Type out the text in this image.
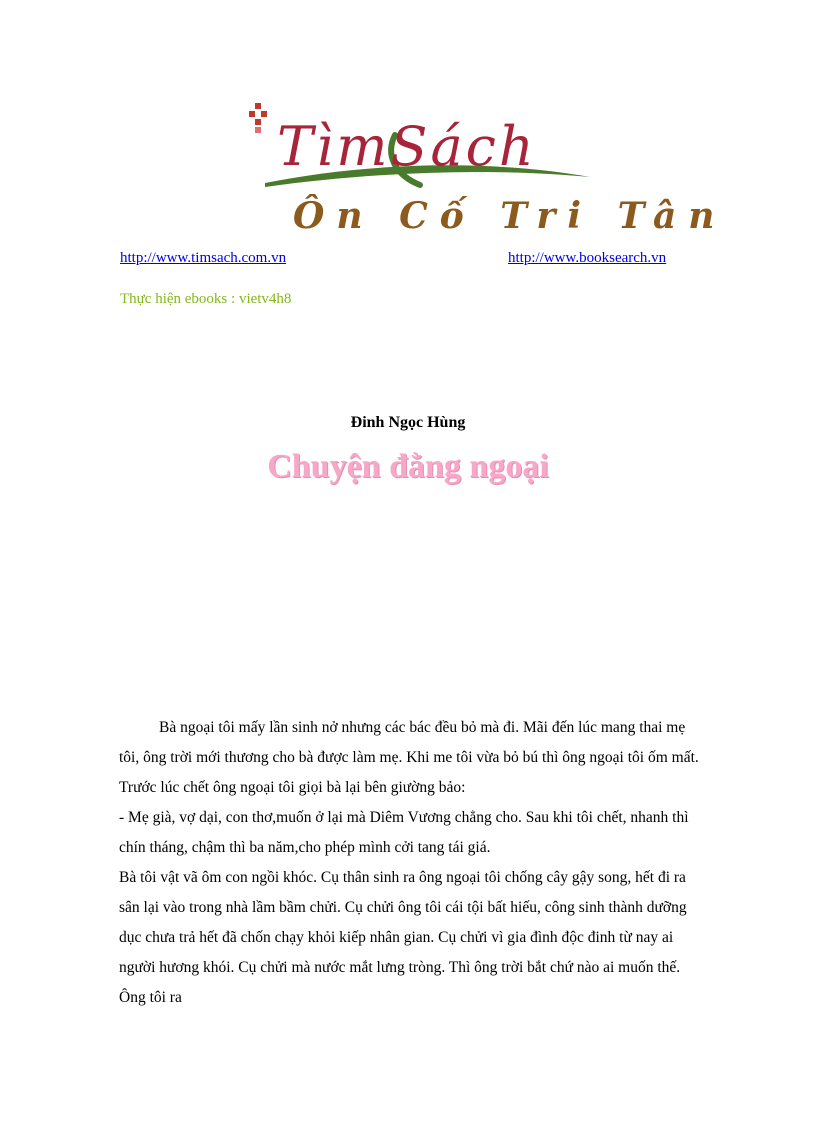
TìmSách
Ôn Cố Tri Tân
http://www.timsach.com.vn	http://www.booksearch.vn
Thực hiện ebooks : vietv4h8
Đinh Ngọc Hùng
Chuyện đằng ngoại

Bà ngoại tôi mấy lần sinh nở nhưng các bác đều bỏ mà đi. Mãi đến lúc mang thai mẹ tôi, ông trời mới thương cho bà được làm mẹ. Khi me tôi vừa bỏ bú thì ông ngoại tôi ốm mất. Trước lúc chết ông ngoại tôi giọi bà lại bên giường bảo:

- Mẹ già, vợ dại, con thơ,muốn ở lại mà Diêm Vương chẳng cho. Sau khi tôi chết, nhanh thì chín tháng, chậm thì ba năm,cho phép mình cởi tang tái giá.

Bà tôi vật vã ôm con ngồi khóc. Cụ thân sinh ra ông ngoại tôi chống cây gậy song, hết đi ra sân lại vào trong nhà lầm bầm chửi. Cụ chửi ông tôi cái tội bất hiếu, công sinh thành dưỡng dục chưa trả hết đã chốn chạy khỏi kiếp nhân gian. Cụ chửi vì gia đình độc đinh từ nay ai người hương khói. Cụ chửi mà nước mắt lưng tròng. Thì ông trời bắt chứ nào ai muốn thế. Ông tôi ra
